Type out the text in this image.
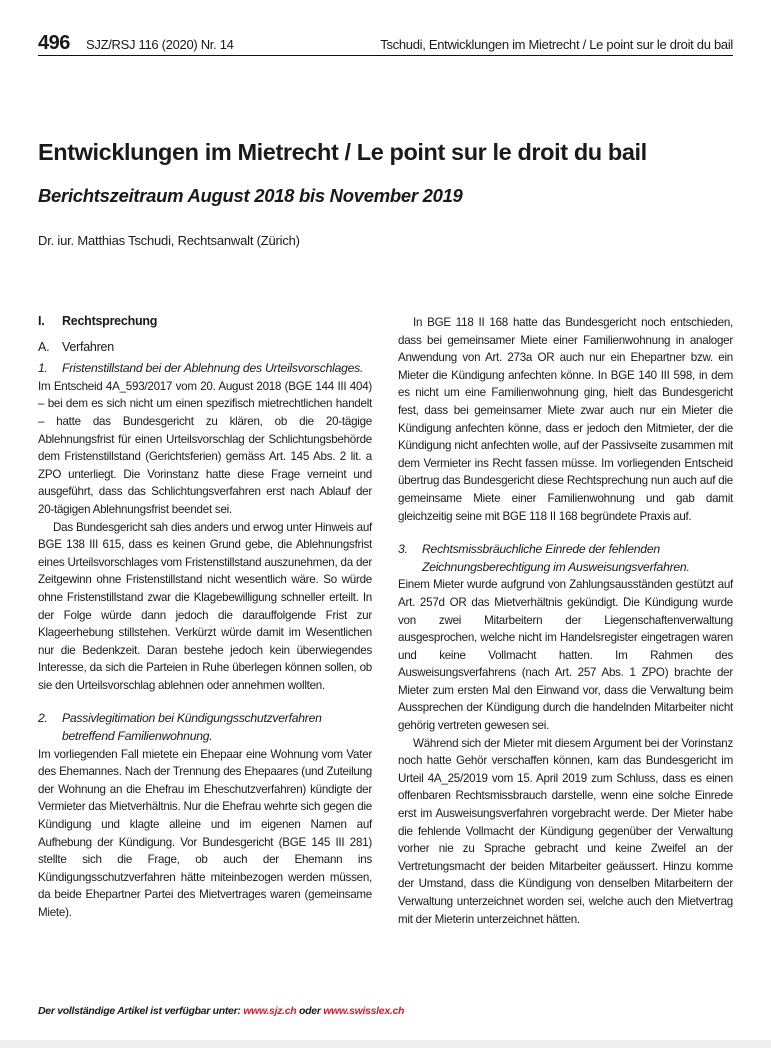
496 SJZ/RSJ 116 (2020) Nr. 14	Tschudi, Entwicklungen im Mietrecht / Le point sur le droit du bail
Entwicklungen im Mietrecht / Le point sur le droit du bail
Berichtszeitraum August 2018 bis November 2019
Dr. iur. Matthias Tschudi, Rechtsanwalt (Zürich)
I. Rechtsprechung
A. Verfahren
1. Fristenstillstand bei der Ablehnung des Urteilsvorschlages.

Im Entscheid 4A_593/2017 vom 20. August 2018 (BGE 144 III 404) – bei dem es sich nicht um einen spezifisch mietrechtlichen handelt – hatte das Bundesgericht zu klären, ob die 20-tägige Ablehnungsfrist für einen Urteilsvorschlag der Schlichtungsbehörde dem Fristenstillstand (Gerichtsferien) gemäss Art. 145 Abs. 2 lit. a ZPO unterliegt. Die Vorinstanz hatte diese Frage verneint und ausgeführt, dass das Schlichtungsverfahren erst nach Ablauf der 20-tägigen Ablehnungsfrist beendet sei.

Das Bundesgericht sah dies anders und erwog unter Hinweis auf BGE 138 III 615, dass es keinen Grund gebe, die Ablehnungsfrist eines Urteilsvorschlages vom Fristenstillstand auszunehmen, da der Zeitgewinn ohne Fristenstillstand nicht wesentlich wäre. So würde ohne Fristenstillstand zwar die Klagebewilligung schneller erteilt. In der Folge würde dann jedoch die darauffolgende Frist zur Klageerhebung stillstehen. Verkürzt würde damit im Wesentlichen nur die Bedenkzeit. Daran bestehe jedoch kein überwiegendes Interesse, da sich die Parteien in Ruhe überlegen können sollen, ob sie den Urteilsvorschlag ablehnen oder annehmen wollten.

2. Passivlegitimation bei Kündigungsschutzverfahren betreffend Familienwohnung.

Im vorliegenden Fall mietete ein Ehepaar eine Wohnung vom Vater des Ehemannes. Nach der Trennung des Ehepaares (und Zuteilung der Wohnung an die Ehefrau im Eheschutzverfahren) kündigte der Vermieter das Mietverhältnis. Nur die Ehefrau wehrte sich gegen die Kündigung und klagte alleine und im eigenen Namen auf Aufhebung der Kündigung. Vor Bundesgericht (BGE 145 III 281) stellte sich die Frage, ob auch der Ehemann ins Kündigungsschutzverfahren hätte miteinbezogen werden müssen, da beide Ehepartner Partei des Mietvertrages waren (gemeinsame Miete).

In BGE 118 II 168 hatte das Bundesgericht noch entschieden, dass bei gemeinsamer Miete einer Familienwohnung in analoger Anwendung von Art. 273a OR auch nur ein Ehepartner bzw. ein Mieter die Kündigung anfechten könne. In BGE 140 III 598, in dem es nicht um eine Familienwohnung ging, hielt das Bundesgericht fest, dass bei gemeinsamer Miete zwar auch nur ein Mieter die Kündigung anfechten könne, dass er jedoch den Mitmieter, der die Kündigung nicht anfechten wolle, auf der Passivseite zusammen mit dem Vermieter ins Recht fassen müsse. Im vorliegenden Entscheid übertrug das Bundesgericht diese Rechtsprechung nun auch auf die gemeinsame Miete einer Familienwohnung und gab damit gleichzeitig seine mit BGE 118 II 168 begründete Praxis auf.

3. Rechtsmissbräuchliche Einrede der fehlenden Zeichnungsberechtigung im Ausweisungsverfahren.

Einem Mieter wurde aufgrund von Zahlungsausständen gestützt auf Art. 257d OR das Mietverhältnis gekündigt. Die Kündigung wurde von zwei Mitarbeitern der Liegenschaftenverwaltung ausgesprochen, welche nicht im Handelsregister eingetragen waren und keine Vollmacht hatten. Im Rahmen des Ausweisungsverfahrens (nach Art. 257 Abs. 1 ZPO) brachte der Mieter zum ersten Mal den Einwand vor, dass die Verwaltung beim Aussprechen der Kündigung durch die handelnden Mitarbeiter nicht gehörig vertreten gewesen sei.

Während sich der Mieter mit diesem Argument bei der Vorinstanz noch hatte Gehör verschaffen können, kam das Bundesgericht im Urteil 4A_25/2019 vom 15. April 2019 zum Schluss, dass es einen offenbaren Rechtsmissbrauch darstelle, wenn eine solche Einrede erst im Ausweisungsverfahren vorgebracht werde. Der Mieter habe die fehlende Vollmacht der Kündigung gegenüber der Verwaltung vorher nie zu Sprache gebracht und keine Zweifel an der Vertretungsmacht der beiden Mitarbeiter geäussert. Hinzu komme der Umstand, dass die Kündigung von denselben Mitarbeitern der Verwaltung unterzeichnet worden sei, welche auch den Mietvertrag mit der Mieterin unterzeichnet hätten.

Der vollständige Artikel ist verfügbar unter: www.sjz.ch oder www.swisslex.ch
